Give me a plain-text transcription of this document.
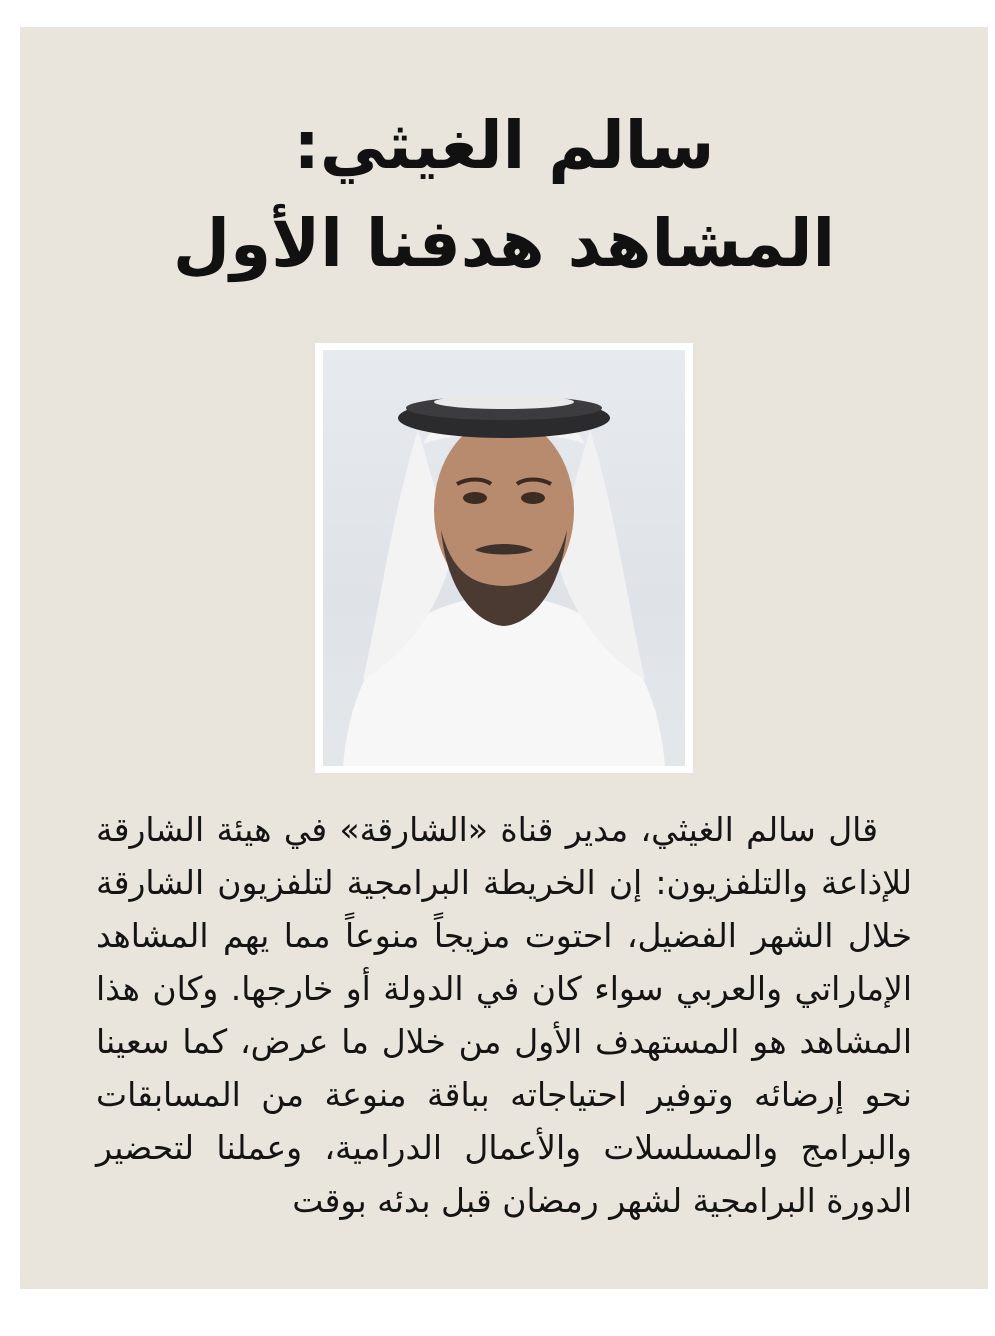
سالم الغيثي:
المشاهد هدفنا الأول

قال سالم الغيثي، مدير قناة «الشارقة» في هيئة الشارقة للإذاعة والتلفزيون: إن الخريطة البرامجية لتلفزيون الشارقة خلال الشهر الفضيل، احتوت مزيجاً منوعاً مما يهم المشاهد الإماراتي والعربي سواء كان في الدولة أو خارجها. وكان هذا المشاهد هو المستهدف الأول من خلال ما عرض، كما سعينا نحو إرضائه وتوفير احتياجاته بباقة منوعة من المسابقات والبرامج والمسلسلات والأعمال الدرامية، وعملنا لتحضير الدورة البرامجية لشهر رمضان قبل بدئه بوقت
